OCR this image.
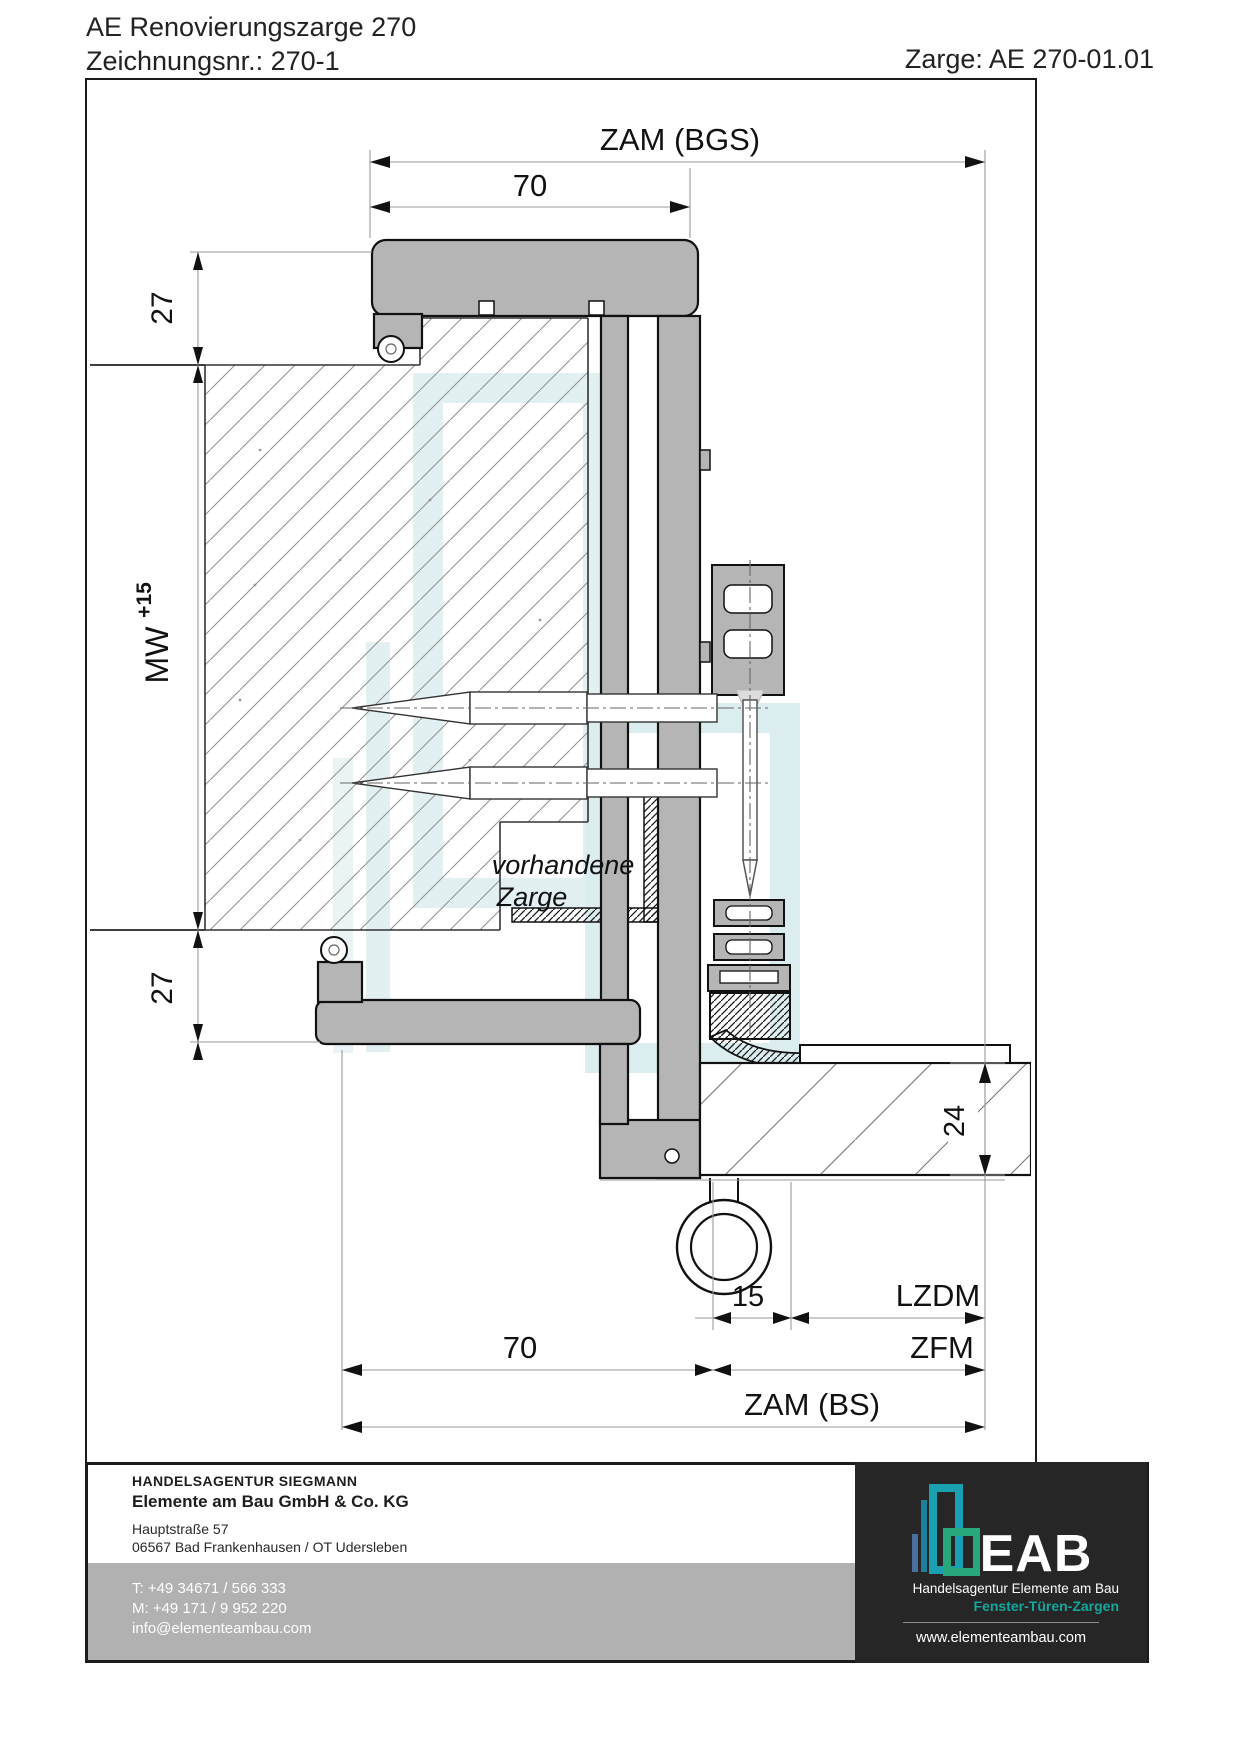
AE Renovierungszarge 270
Zeichnungsnr.: 270-1	Zarge: AE 270-01.01
ZAM (BGS)
70
27
MW
+15
27
24
15	LZDM
ZFM
70
ZAM (BS)
vorhandene
Zarge
HANDELSAGENTUR SIEGMANN
Elemente am Bau GmbH & Co. KG
Hauptstraße 57
06567 Bad Frankenhausen / OT Udersleben
T: +49 34671 / 566 333
M: +49 171 / 9 952 220
info@elementeambau.com
EAB
Handelsagentur Elemente am Bau
Fenster-Türen-Zargen
www.elementeambau.com
